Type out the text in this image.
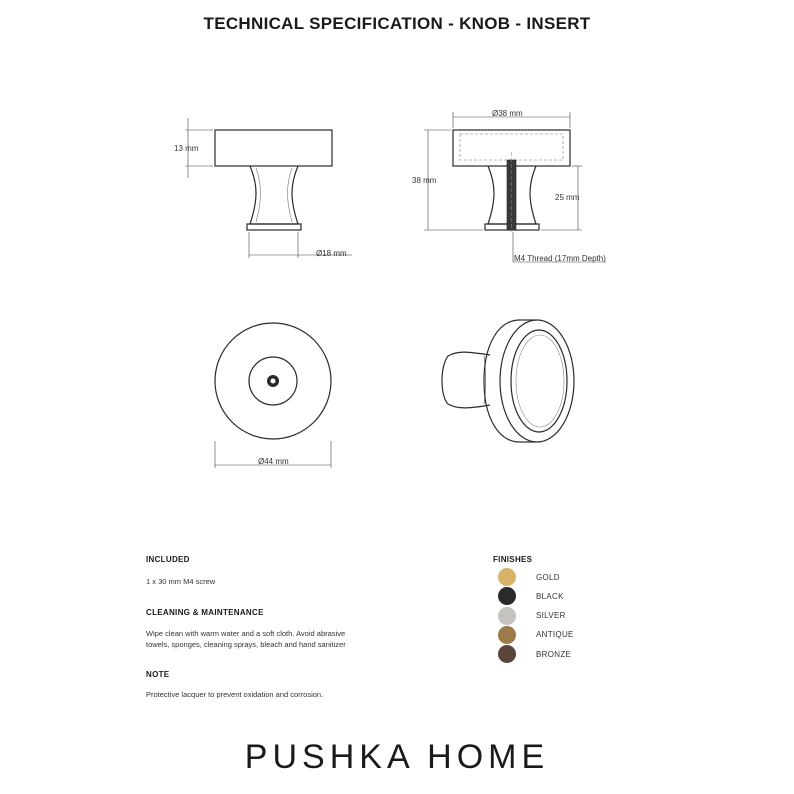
TECHNICAL SPECIFICATION - KNOB - INSERT
13 mm
Ø18 mm
Ø38 mm
38 mm
25 mm
M4 Thread (17mm Depth)
Ø44 mm
INCLUDED
1 x 30 mm M4 screw
CLEANING & MAINTENANCE
Wipe clean with warm water and a soft cloth. Avoid abrasive
towels, sponges, cleaning sprays, bleach and hand sanitizer
NOTE
Protective lacquer to prevent oxidation and corrosion.
FINISHES
GOLD
BLACK
SILVER
ANTIQUE
BRONZE
PUSHKA HOME
